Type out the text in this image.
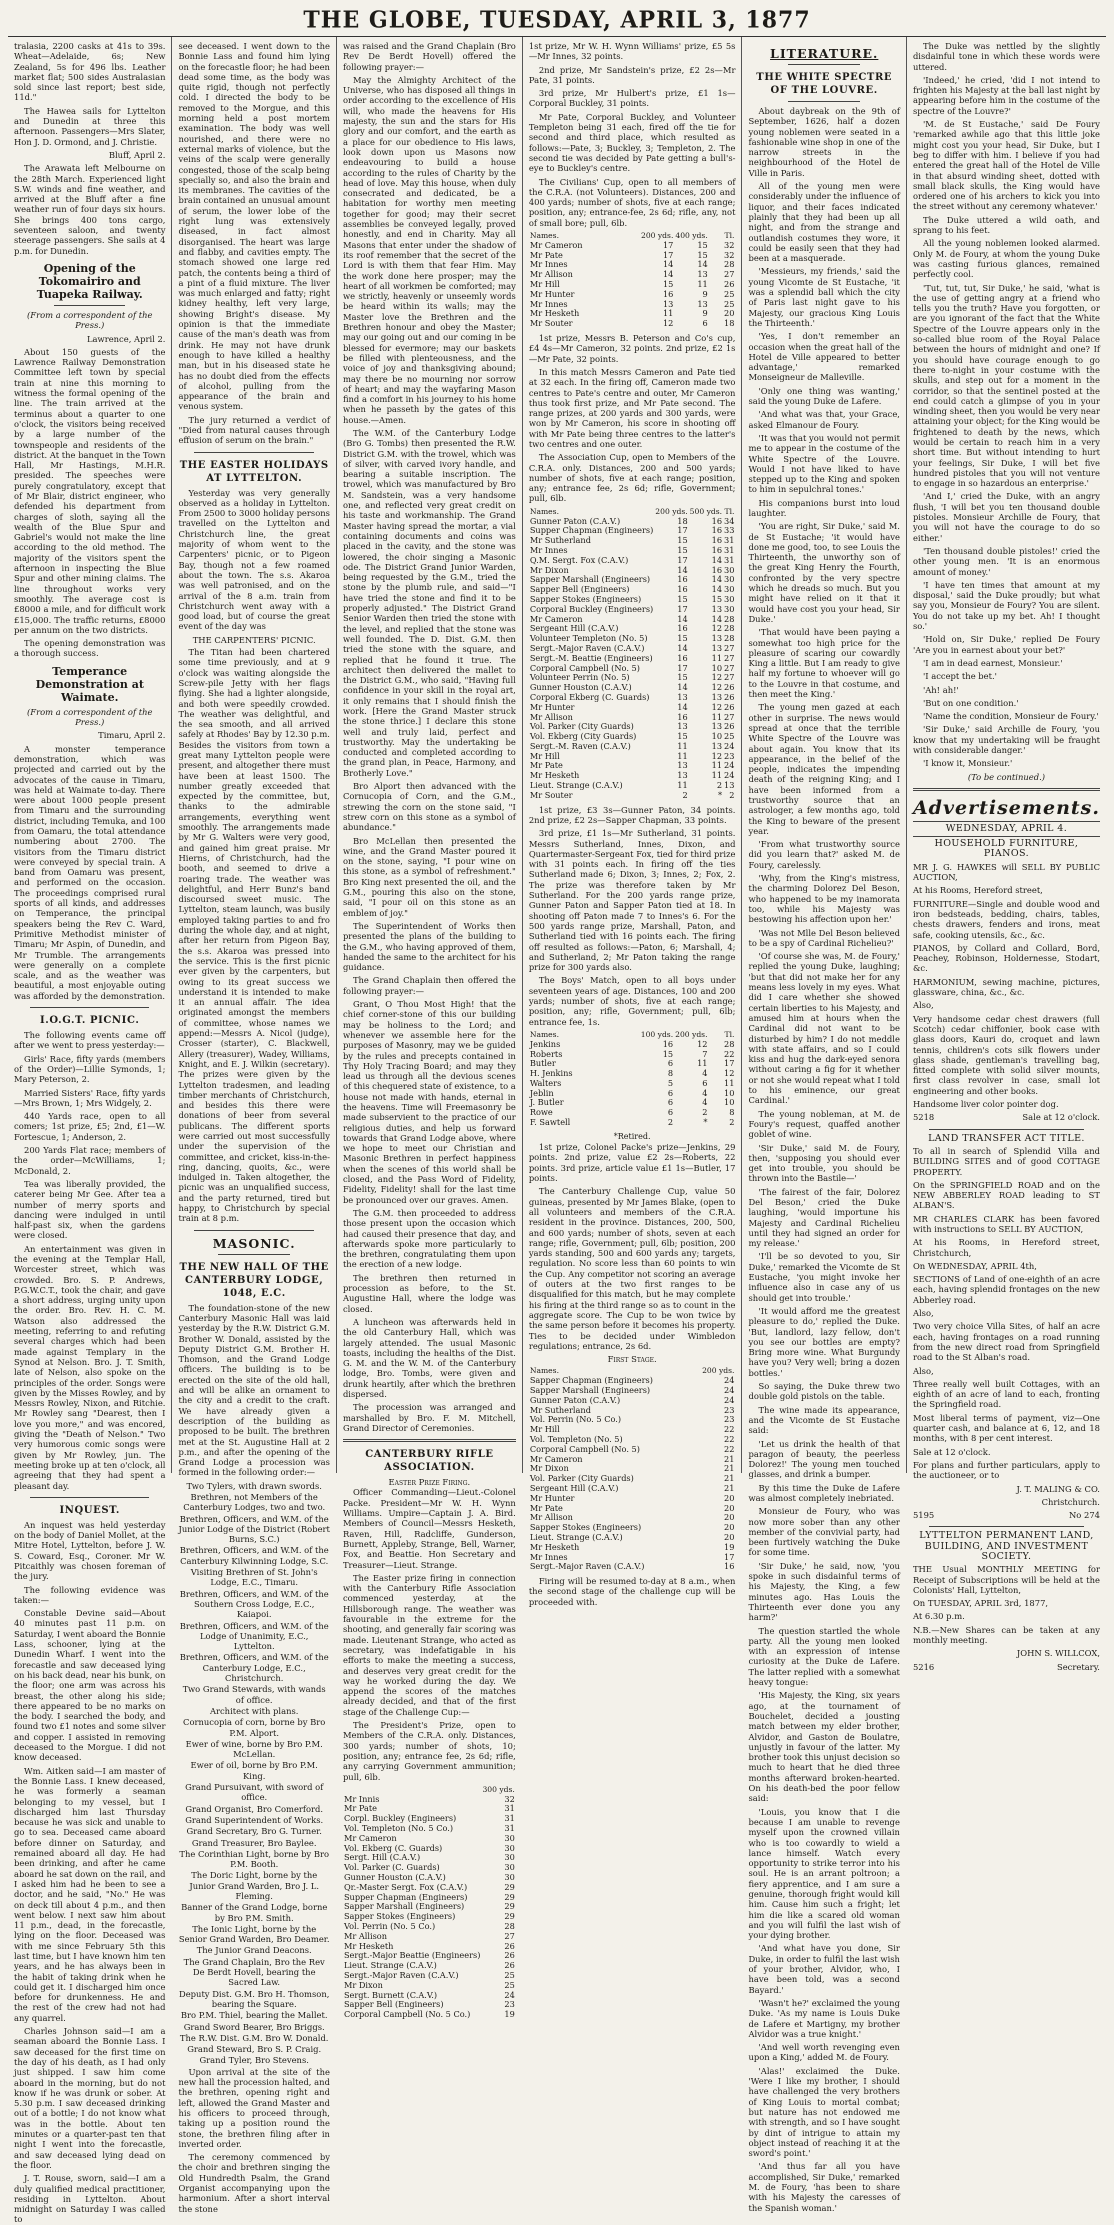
THE GLOBE, TUESDAY, APRIL 3, 1877

tralasia, 2200 casks at 41s to 39s. Wheat—Adelaide, 6s; New Zealand, 5s for 496 lbs. Leather market flat; 500 sides Australasian sold since last report; best side, 11d."

The Hawea sails for Lyttelton and Dunedin at three this afternoon. Passengers—Mrs Slater, Hon J. D. Ormond, and J. Christie.

Bluff, April 2.

The Arawata left Melbourne on the 28th March. Experienced light S.W. winds and fine weather, and arrived at the Bluff after a fine weather run of four days six hours. She brings 400 tons cargo, seventeen saloon, and twenty steerage passengers. She sails at 4 p.m. for Dunedin.

Opening of the Tokomairiro and Tuapeka Railway.
(From a correspondent of the Press.)

Lawrence, April 2.

About 150 guests of the Lawrence Railway Demonstration Committee left town by special train at nine this morning to witness the formal opening of the line. The train arrived at the terminus about a quarter to one o'clock, the visitors being received by a large number of the townspeople and residents of the district. At the banquet in the Town Hall, Mr Hastings, M.H.R. presided. The speeches were purely congratulatory, except that of Mr Blair, district engineer, who defended his department from charges of sloth, saying all the wealth of the Blue Spur and Gabriel's would not make the line according to the old method. The majority of the visitors spent the afternoon in inspecting the Blue Spur and other mining claims. The line throughout works very smoothly. The average cost is £8000 a mile, and for difficult work £15,000. The traffic returns, £8000 per annum on the two districts.

The opening demonstration was a thorough success.

Temperance Demonstration at Waimate.
(From a correspondent of the Press.)

Timaru, April 2.

A monster temperance demonstration, which was projected and carried out by the advocates of the cause in Timaru, was held at Waimate to-day. There were about 1000 people present from Timaru and the surrounding district, including Temuka, and 100 from Oamaru, the total attendance numbering about 2700. The visitors from the Timaru district were conveyed by special train. A band from Oamaru was present, and performed on the occasion. The proceedings comprised rural sports of all kinds, and addresses on Temperance, the principal speakers being the Rev C. Ward, Primitive Methodist minister of Timaru; Mr Aspin, of Dunedin, and Mr Trumble. The arrangements were generally on a complete scale, and as the weather was beautiful, a most enjoyable outing was afforded by the demonstration.

I.O.G.T. PICNIC.

The following events came off after we went to press yesterday:—

Girls' Race, fifty yards (members of the Order)—Lillie Symonds, 1; Mary Peterson, 2.

Married Sisters' Race, fifty yards—Mrs Brown, 1; Mrs Widgely, 2.

440 Yards race, open to all comers; 1st prize, £5; 2nd, £1—W. Fortescue, 1; Anderson, 2.

200 Yards Flat race; members of the order—McWilliams, 1; McDonald, 2.

Tea was liberally provided, the caterer being Mr Gee. After tea a number of merry sports and dancing were indulged in until half-past six, when the gardens were closed.

An entertainment was given in the evening at the Templar Hall, Worcester street, which was crowded. Bro. S. P. Andrews, P.G.W.C.T., took the chair, and gave a short address, urging unity upon the order. Bro. Rev. H. C. M. Watson also addressed the meeting, referring to and refuting several charges which had been made against Templary in the Synod at Nelson. Bro. J. T. Smith, late of Nelson, also spoke on the principles of the order. Songs were given by the Misses Rowley, and by Messrs Rowley, Nixon, and Ritchie. Mr Rowley sang "Dearest, then I love you more," and was encored, giving the "Death of Nelson." Two very humorous comic songs were given by Mr Rowley, jun. The meeting broke up at ten o'clock, all agreeing that they had spent a pleasant day.

INQUEST.

An inquest was held yesterday on the body of Daniel Mollet, at the Mitre Hotel, Lyttelton, before J. W. S. Coward, Esq., Coroner. Mr W. Pitcaithly was chosen foreman of the jury.

The following evidence was taken:—

Constable Devine said—About 40 minutes past 11 p.m. on Saturday, I went aboard the Bonnie Lass, schooner, lying at the Dunedin Wharf. I went into the forecastle and saw deceased lying on his back dead, near his bunk, on the floor; one arm was across his breast, the other along his side; there appeared to be no marks on the body. I searched the body, and found two £1 notes and some silver and copper. I assisted in removing deceased to the Morgue. I did not know deceased.

Wm. Aitken said—I am master of the Bonnie Lass. I knew deceased, he was formerly a seaman belonging to my vessel, but I discharged him last Thursday because he was sick and unable to go to sea. Deceased came aboard before dinner on Saturday, and remained aboard all day. He had been drinking, and after he came aboard he sat down on the rail, and I asked him had he been to see a doctor, and he said, "No." He was on deck till about 4 p.m., and then went below. I next saw him about 11 p.m., dead, in the forecastle, lying on the floor. Deceased was with me since February 5th this last time, but I have known him ten years, and he has always been in the habit of taking drink when he could get it. I discharged him once before for drunkenness. He and the rest of the crew had not had any quarrel.

Charles Johnson said—I am a seaman aboard the Bonnie Lass. I saw deceased for the first time on the day of his death, as I had only just shipped. I saw him come aboard in the morning, but do not know if he was drunk or sober. At 5.30 p.m. I saw deceased drinking out of a bottle; I do not know what was in the bottle. About ten minutes or a quarter-past ten that night I went into the forecastle, and saw deceased lying dead on the floor.

J. T. Rouse, sworn, said—I am a duly qualified medical practitioner, residing in Lyttelton. About midnight on Saturday I was called to

see deceased. I went down to the Bonnie Lass and found him lying on the forecastle floor; he had been dead some time, as the body was quite rigid, though not perfectly cold. I directed the body to be removed to the Morgue, and this morning held a post mortem examination. The body was well nourished, and there were no external marks of violence, but the veins of the scalp were generally congested, those of the scalp being specially so, and also the brain and its membranes. The cavities of the brain contained an unusual amount of serum, the lower lobe of the right lung was extensively diseased, in fact almost disorganised. The heart was large and flabby, and cavities empty. The stomach showed one large red patch, the contents being a third of a pint of a fluid mixture. The liver was much enlarged and fatty; right kidney healthy, left very large, showing Bright's disease. My opinion is that the immediate cause of the man's death was from drink. He may not have drunk enough to have killed a healthy man, but in his diseased state he has no doubt died from the effects of alcohol, pulling from the appearance of the brain and venous system.

The jury returned a verdict of "Died from natural causes through effusion of serum on the brain."

THE EASTER HOLIDAYS AT LYTTELTON.

Yesterday was very generally observed as a holiday in Lyttelton. From 2500 to 3000 holiday persons travelled on the Lyttelton and Christchurch line, the great majority of whom went to the Carpenters' picnic, or to Pigeon Bay, though not a few roamed about the town. The s.s. Akaroa was well patronised, and on the arrival of the 8 a.m. train from Christchurch went away with a good load, but of course the great event of the day was

THE CARPENTERS' PICNIC.

The Titan had been chartered some time previously, and at 9 o'clock was waiting alongside the Screw-pile Jetty with her flags flying. She had a lighter alongside, and both were speedily crowded. The weather was delightful, and the sea smooth, and all arrived safely at Rhodes' Bay by 12.30 p.m. Besides the visitors from town a great many Lyttelton people were present, and altogether there must have been at least 1500. The number greatly exceeded that expected by the committee, but, thanks to the admirable arrangements, everything went smoothly. The arrangements made by Mr G. Walters were very good, and gained him great praise. Mr Hierns, of Christchurch, had the booth, and seemed to drive a roaring trade. The weather was delightful, and Herr Bunz's band discoursed sweet music. The Lyttelton, steam launch, was busily employed taking parties to and fro during the whole day, and at night, after her return from Pigeon Bay, the s.s. Akaroa was pressed into the service. This is the first picnic ever given by the carpenters, but owing to its great success we understand it is intended to make it an annual affair. The idea originated amongst the members of committee, whose names we append:—Messrs A. Nicol (judge), Crosser (starter), C. Blackwell, Allery (treasurer), Wadey, Williams, Knight, and E. J. Wilkin (secretary). The prizes were given by the Lyttelton tradesmen, and leading timber merchants of Christchurch, and besides this there were donations of beer from several publicans. The different sports were carried out most successfully under the supervision of the committee, and cricket, kiss-in-the-ring, dancing, quoits, &c., were indulged in. Taken altogether, the picnic was an unqualified success, and the party returned, tired but happy, to Christchurch by special train at 8 p.m.

MASONIC.
THE NEW HALL OF THE CANTERBURY LODGE, 1048, E.C.

The foundation-stone of the new Canterbury Masonic Hall was laid yesterday by the R.W. District G.M. Brother W. Donald, assisted by the Deputy District G.M. Brother H. Thomson, and the Grand Lodge officers. The building is to be erected on the site of the old hall, and will be alike an ornament to the city and a credit to the craft. We have already given a description of the building as proposed to be built. The brethren met at the St. Augustine Hall at 2 p.m., and after the opening of the Grand Lodge a procession was formed in the following order:—

Two Tylers, with drawn swords.
Brethren, not Members of the Canterbury Lodges, two and two.
Brethren, Officers, and W.M. of the Junior Lodge of the District (Robert Burns, S.C.)
Brethren, Officers, and W.M. of the Canterbury Kilwinning Lodge, S.C.
Visiting Brethren of St. John's Lodge, E.C., Timaru.
Brethren, Officers, and W.M. of the Southern Cross Lodge, E.C., Kaiapoi.
Brethren, Officers, and W.M. of the Lodge of Unanimity, E.C., Lyttelton.
Brethren, Officers, and W.M. of the Canterbury Lodge, E.C., Christchurch.
Two Grand Stewards, with wands of office.
Architect with plans.
Cornucopia of corn, borne by Bro P.M. Alport.
Ewer of wine, borne by Bro P.M. McLellan.
Ewer of oil, borne by Bro P.M. King.
Grand Pursuivant, with sword of office.
Grand Organist, Bro Comerford.
Grand Superintendent of Works.
Grand Secretary, Bro G. Turner.
Grand Treasurer, Bro Baylee.
The Corinthian Light, borne by Bro P.M. Booth.
The Doric Light, borne by the Junior Grand Warden, Bro J. L. Fleming.
Banner of the Grand Lodge, borne by Bro P.M. Smith.
The Ionic Light, borne by the Senior Grand Warden, Bro Deamer.
The Junior Grand Deacons.
The Grand Chaplain, Bro the Rev De Berdt Hovell, bearing the Sacred Law.
Deputy Dist. G.M. Bro H. Thomson, bearing the Square.
Bro P.M. Thiel, bearing the Mallet.
Grand Sword Bearer, Bro Briggs.
The R.W. Dist. G.M. Bro W. Donald.
Grand Steward, Bro S. P. Craig.
Grand Tyler, Bro Stevens.

Upon arrival at the site of the new hall the procession halted, and the brethren, opening right and left, allowed the Grand Master and his officers to proceed through, taking up a position round the stone, the brethren filing after in inverted order.

The ceremony commenced by the choir and brethren singing the Old Hundredth Psalm, the Grand Organist accompanying upon the harmonium. After a short interval the stone

was raised and the Grand Chaplain (Bro Rev De Berdt Hovell) offered the following prayer:—

May the Almighty Architect of the Universe, who has disposed all things in order according to the excellence of His will, who made the heavens for His majesty, the sun and the stars for His glory and our comfort, and the earth as a place for our obedience to His laws, look down upon us Masons now endeavouring to build a house according to the rules of Charity by the head of love. May this house, when duly consecrated and dedicated, be a habitation for worthy men meeting together for good; may their secret assemblies be conveyed legally, proved honestly, and end in Charity. May all Masons that enter under the shadow of its roof remember that the secret of the Lord is with them that fear Him. May the work done here prosper; may the heart of all workmen be comforted; may we strictly, heavenly or unseemly words be heard within its walls; may the Master love the Brethren and the Brethren honour and obey the Master; may our going out and our coming in be blessed for evermore; may our baskets be filled with plenteousness, and the voice of joy and thanksgiving abound; may there be no mourning nor sorrow of heart; and may the wayfaring Mason find a comfort in his journey to his home when he passeth by the gates of this house.—Amen.

The W.M. of the Canterbury Lodge (Bro G. Tombs) then presented the R.W. District G.M. with the trowel, which was of silver, with carved ivory handle, and bearing a suitable inscription. The trowel, which was manufactured by Bro M. Sandstein, was a very handsome one, and reflected very great credit on his taste and workmanship. The Grand Master having spread the mortar, a vial containing documents and coins was placed in the cavity, and the stone was lowered, the choir singing a Masonic ode. The District Grand Junior Warden, being requested by the G.M., tried the stone by the plumb rule, and said—"I have tried the stone and find it to be properly adjusted." The District Grand Senior Warden then tried the stone with the level, and replied that the stone was well founded. The D. Dist. G.M. then tried the stone with the square, and replied that he found it true. The architect then delivered the mallet to the District G.M., who said, "Having full confidence in your skill in the royal art, it only remains that I should finish the work. [Here the Grand Master struck the stone thrice.] I declare this stone well and truly laid, perfect and trustworthy. May the undertaking be conducted and completed according to the grand plan, in Peace, Harmony, and Brotherly Love."

Bro Alport then advanced with the Cornucopia of Corn, and the G.M., strewing the corn on the stone said, "I strew corn on this stone as a symbol of abundance."

Bro McLellan then presented the wine, and the Grand Master poured it on the stone, saying, "I pour wine on this stone, as a symbol of refreshment." Bro King next presented the oil, and the G.M., pouring this also on the stone, said, "I pour oil on this stone as an emblem of joy."

The Superintendent of Works then presented the plans of the building to the G.M., who having approved of them, handed the same to the architect for his guidance.

The Grand Chaplain then offered the following prayer:—

Grant, O Thou Most High! that the chief corner-stone of this our building may be holiness to the Lord; and whenever we assemble here for the purposes of Masonry, may we be guided by the rules and precepts contained in Thy Holy Tracing Board; and may they lead us through all the devious scenes of this chequered state of existence, to a house not made with hands, eternal in the heavens. Time will Freemasonry be made subservient to the practice of our religious duties, and help us forward towards that Grand Lodge above, where we hope to meet our Christian and Masonic Brethren in perfect happiness when the scenes of this world shall be closed, and the Pass Word of Fidelity, Fidelity, Fidelity! shall for the last time be pronounced over our graves. Amen.

The G.M. then proceeded to address those present upon the occasion which had caused their presence that day, and afterwards spoke more particularly to the brethren, congratulating them upon the erection of a new lodge.

The brethren then returned in procession as before, to the St. Augustine Hall, where the lodge was closed.

A luncheon was afterwards held in the old Canterbury Hall, which was largely attended. The usual Masonic toasts, including the healths of the Dist. G. M. and the W. M. of the Canterbury lodge, Bro. Tombs, were given and drunk heartily, after which the brethren dispersed.

The procession was arranged and marshalled by Bro. F. M. Mitchell, Grand Director of Ceremonies.

CANTERBURY RIFLE ASSOCIATION.
Easter Prize Firing.

Officer Commanding—Lieut.-Colonel Packe. President—Mr W. H. Wynn Williams. Umpire—Captain J. A. Bird. Members of Council—Messrs Hesketh, Raven, Hill, Radcliffe, Gunderson, Burnett, Appleby, Strange, Bell, Warner, Fox, and Beattie. Hon Secretary and Treasurer—Lieut. Strange.

The Easter prize firing in connection with the Canterbury Rifle Association commenced yesterday, at the Hillsborough range. The weather was favourable in the extreme for the shooting, and generally fair scoring was made. Lieutenant Strange, who acted as secretary, was indefatigable in his efforts to make the meeting a success, and deserves very great credit for the way he worked during the day. We append the scores of the matches already decided, and that of the first stage of the Challenge Cup:—

The President's Prize, open to Members of the C.R.A. only. Distances, 300 yards; number of shots, 10; position, any; entrance fee, 2s 6d; rifle, any carrying Government ammunition; pull, 6lb.

	300 yds.
Mr Innis	32
Mr Pate	31
Corpl. Buckley (Engineers)	31
Vol. Templeton (No. 5 Co.)	31
Mr Cameron	30
Vol. Ekberg (C. Guards)	30
Sergt. Hill (C.A.V.)	30
Vol. Parker (C. Guards)	30
Gunner Houston (C.A.V.)	30
Qr.-Master Sergt. Fox (C.A.V.)	29
Supper Chapman (Engineers)	29
Sapper Marshall (Engineers)	29
Sapper Stokes (Engineers)	29
Vol. Perrin (No. 5 Co.)	28
Mr Allison	27
Mr Hesketh	26
Sergt.-Major Beattie (Engineers)	26
Lieut. Strange (C.A.V.)	26
Sergt.-Major Raven (C.A.V.)	25
Mr Dixon	25
Sergt. Burnett (C.A.V.)	24
Sapper Bell (Engineers)	23
Corporal Campbell (No. 5 Co.)	19

1st prize, Mr W. H. Wynn Williams' prize, £5 5s—Mr Innes, 32 points.

2nd prize, Mr Sandstein's prize, £2 2s—Mr Pate, 31 points.

3rd prize, Mr Hulbert's prize, £1 1s—Corporal Buckley, 31 points.

Mr Pate, Corporal Buckley, and Volunteer Templeton being 31 each, fired off the tie for second and third place, which resulted as follows:—Pate, 3; Buckley, 3; Templeton, 2. The second tie was decided by Pate getting a bull's-eye to Buckley's centre.

The Civilians' Cup, open to all members of the C.R.A. (not Volunteers). Distances, 200 and 400 yards; number of shots, five at each range; position, any; entrance-fee, 2s 6d; rifle, any, not of small bore; pull, 6lb.

Names.	200 yds.	400 yds.	Tl.
Mr Cameron	17	15	32
Mr Pate	17	15	32
Mr Innes	14	14	28
Mr Allison	14	13	27
Mr Hill	15	11	26
Mr Hunter	16	9	25
Mr Innes	13	13	25
Mr Hesketh	11	9	20
Mr Souter	12	6	18

1st prize, Messrs B. Peterson and Co's cup, £4 4s—Mr Cameron, 32 points. 2nd prize, £2 1s—Mr Pate, 32 points.

In this match Messrs Cameron and Pate tied at 32 each. In the firing off, Cameron made two centres to Pate's centre and outer, Mr Cameron thus took first prize, and Mr Pate second. The range prizes, at 200 yards and 300 yards, were won by Mr Cameron, his score in shooting off with Mr Pate being three centres to the latter's two centres and one outer.

The Association Cup, open to Members of the C.R.A. only. Distances, 200 and 500 yards; number of shots, five at each range; position, any; entrance fee, 2s 6d; rifle, Government; pull, 6lb.

Names.	200 yds.	500 yds.	Tl.
Gunner Paton (C.A.V.)	18	16	34
Supper Chapman (Engineers)	17	16	33
Mr Sutherland	15	16	31
Mr Innes	15	16	31
Q.M. Sergt. Fox (C.A.V.)	17	14	31
Mr Dixon	14	16	30
Sapper Marshall (Engineers)	16	14	30
Sapper Bell (Engineers)	16	14	30
Sapper Stokes (Engineers)	15	15	30
Corporal Buckley (Engineers)	17	13	30
Mr Cameron	14	14	28
Sergeant Hill (C.A.V.)	16	12	28
Volunteer Templeton (No. 5)	15	13	28
Sergt.-Major Raven (C.A.V.)	14	13	27
Sergt.-M. Beattie (Engineers)	16	11	27
Corporal Campbell (No. 5)	17	10	27
Volunteer Perrin (No. 5)	15	12	27
Gunner Houston (C.A.V.)	14	12	26
Corporal Ekberg (C. Guards)	13	13	26
Mr Hunter	14	12	26
Mr Allison	16	11	27
Vol. Parker (City Guards)	13	13	26
Vol. Ekberg (City Guards)	15	10	25
Sergt.-M. Raven (C.A.V.)	11	13	24
Mr Hill	11	12	23
Mr Pate	13	11	24
Mr Hesketh	13	11	24
Lieut. Strange (C.A.V.)	11	2	13
Mr Souter	2	*	2

1st prize, £3 3s—Gunner Paton, 34 points. 2nd prize, £2 2s—Sapper Chapman, 33 points.

3rd prize, £1 1s—Mr Sutherland, 31 points. Messrs Sutherland, Innes, Dixon, and Quartermaster-Sergeant Fox, tied for third prize with 31 points each. In firing off the ties Sutherland made 6; Dixon, 3; Innes, 2; Fox, 2. The prize was therefore taken by Mr Sutherland. For the 200 yards range prize, Gunner Paton and Sapper Paton tied at 18. In shooting off Paton made 7 to Innes's 6. For the 500 yards range prize, Marshall, Paton, and Sutherland tied with 16 points each. The firing off resulted as follows:—Paton, 6; Marshall, 4; and Sutherland, 2; Mr Paton taking the range prize for 300 yards also.

The Boys' Match, open to all boys under seventeen years of age. Distances, 100 and 200 yards; number of shots, five at each range; position, any; rifle, Government; pull, 6lb; entrance fee, 1s.

Names.	100 yds.	200 yds.	Tl.
Jenkins	16	12	28
Roberts	15	7	22
Butler	6	11	17
H. Jenkins	8	4	12
Walters	5	6	11
Jeblin	6	4	10
J. Butler	6	4	10
Rowe	6	2	8
F. Sawtell	2	*	2
*Retired.

1st prize, Colonel Packe's prize—Jenkins, 29 points. 2nd prize, value £2 2s—Roberts, 22 points. 3rd prize, article value £1 1s—Butler, 17 points.

The Canterbury Challenge Cup, value 50 guineas, presented by Mr James Blake, (open to all volunteers and members of the C.R.A. resident in the province. Distances, 200, 500, and 600 yards; number of shots, seven at each range; rifle, Government; pull, 6lb; position, 200 yards standing, 500 and 600 yards any; targets, regulation. No score less than 60 points to win the Cup. Any competitor not scoring an average of outers at the two first ranges to be disqualified for this match, but he may complete his firing at the third range so as to count in the aggregate score. The Cup to be won twice by the same person before it becomes his property. Ties to be decided under Wimbledon regulations; entrance, 2s 6d.

First Stage.
Names.	200 yds.
Sapper Chapman (Engineers)	24
Sapper Marshall (Engineers)	24
Gunner Paton (C.A.V.)	24
Mr Sutherland	23
Vol. Perrin (No. 5 Co.)	23
Mr Hill	22
Vol. Templeton (No. 5)	22
Corporal Campbell (No. 5)	22
Mr Cameron	21
Mr Dixon	21
Vol. Parker (City Guards)	21
Sergeant Hill (C.A.V.)	21
Mr Hunter	20
Mr Pate	20
Mr Allison	20
Sapper Stokes (Engineers)	20
Lieut. Strange (C.A.V.)	20
Mr Hesketh	19
Mr Innes	17
Sergt.-Major Raven (C.A.V.)	16

Firing will be resumed to-day at 8 a.m., when the second stage of the challenge cup will be proceeded with.

LITERATURE.
THE WHITE SPECTRE OF THE LOUVRE.

About daybreak on the 9th of September, 1626, half a dozen young noblemen were seated in a fashionable wine shop in one of the narrow streets in the neighbourhood of the Hotel de Ville in Paris.

All of the young men were considerably under the influence of liquor, and their faces indicated plainly that they had been up all night, and from the strange and outlandish costumes they wore, it could be easily seen that they had been at a masquerade.

'Messieurs, my friends,' said the young Vicomte de St Eustache, 'it was a splendid ball which the city of Paris last night gave to his Majesty, our gracious King Louis the Thirteenth.'

'Yes, I don't remember an occasion when the great hall of the Hotel de Ville appeared to better advantage,' remarked Monseigneur de Malleville.

'Only one thing was wanting,' said the young Duke de Lafere.

'And what was that, your Grace, asked Elmanour de Foury.

'It was that you would not permit me to appear in the costume of the White Spectre of the Louvre. Would I not have liked to have stepped up to the King and spoken to him in sepulchral tones.'

His companions burst into loud laughter.

'You are right, Sir Duke,' said M. de St Eustache; 'it would have done me good, too, to see Louis the Thirteenth, the unworthy son of the great King Henry the Fourth, confronted by the very spectre which he dreads so much. But you might have relied on it that it would have cost you your head, Sir Duke.'

'That would have been paying a somewhat too high price for the pleasure of scaring our cowardly King a little. But I am ready to give half my fortune to whoever will go to the Louvre in that costume, and then meet the King.'

The young men gazed at each other in surprise. The news would spread at once that the terrible White Spectre of the Louvre was about again. You know that its appearance, in the belief of the people, indicates the impending death of the reigning King; and I have been informed from a trustworthy source that an astrologer, a few months ago, told the King to beware of the present year.

'From what trustworthy source did you learn that?' asked M. de Foury, carelessly.

'Why, from the King's mistress, the charming Dolorez Del Beson, who happened to be my inamorata too, while his Majesty was bestowing his affection upon her.'

'Was not Mlle Del Beson believed to be a spy of Cardinal Richelieu?'

'Of course she was, M. de Foury,' replied the young Duke, laughing; 'but that did not make her for any means less lovely in my eyes. What did I care whether she showed certain liberties to his Majesty, and amused him at hours when the Cardinal did not want to be disturbed by him? I do not meddle with state affairs, and so I could kiss and hug the dark-eyed senora without caring a fig for it whether or not she would repeat what I told to his eminence, our great Cardinal.'

The young nobleman, at M. de Foury's request, quaffed another goblet of wine.

'Sir Duke,' said M. de Foury, then, 'supposing you should ever get into trouble, you should be thrown into the Bastile—'

'The fairest of the fair, Dolorez Del Beson,' cried the Duke laughing, 'would importune his Majesty and Cardinal Richelieu until they had signed an order for my release.'

'I'll be so devoted to you, Sir Duke,' remarked the Vicomte de St Eustache, 'you might invoke her influence also in case any of us should get into trouble.'

'It would afford me the greatest pleasure to do,' replied the Duke. 'But, landlord, lazy fellow, don't you see our bottles are empty? Bring more wine. What Burgundy have you? Very well; bring a dozen bottles.'

So saying, the Duke threw two double gold pistols on the table.

The wine made its appearance, and the Vicomte de St Eustache said:

'Let us drink the health of that paragon of beauty, the peerless Dolorez!' The young men touched glasses, and drink a bumper.

By this time the Duke de Lafere was almost completely inebriated.

Monsieur de Foury, who was now more sober than any other member of the convivial party, had been furtively watching the Duke for some time.

'Sir Duke,' he said, now, 'you spoke in such disdainful terms of his Majesty, the King, a few minutes ago. Has Louis the Thirteenth ever done you any harm?'

The question startled the whole party. All the young men looked with an expression of intense curiosity at the Duke de Lafere. The latter replied with a somewhat heavy tongue:

'His Majesty, the King, six years ago, at the tournament of Bouchelet, decided a jousting match between my elder brother, Alvidor, and Gaston de Boulatre, unjustly in favour of the latter. My brother took this unjust decision so much to heart that he died three months afterward broken-hearted. On his death-bed the poor fellow said:

'Louis, you know that I die because I am unable to revenge myself upon the crowned villain who is too cowardly to wield a lance himself. Watch every opportunity to strike terror into his soul. He is an arrant poltroon; a fiery apprentice, and I am sure a genuine, thorough fright would kill him. Cause him such a fright; let him die like a scared old woman and you will fulfil the last wish of your dying brother.

'And what have you done, Sir Duke, in order to fulfil the last wish of your brother, Alvidor, who, I have been told, was a second Bayard.'

'Wasn't he?' exclaimed the young Duke. 'As my name is Louis Duke de Lafere et Martigny, my brother Alvidor was a true knight.'

'And well worth revenging even upon a King,' added M. de Foury.

'Alas!' exclaimed the Duke. 'Were I like my brother, I should have challenged the very brothers of King Louis to mortal combat; but nature has not endowed me with strength, and so I have sought by dint of intrigue to attain my object instead of reaching it at the sword's point.'

'And thus far all you have accomplished, Sir Duke,' remarked M. de Foury, 'has been to share with his Majesty the caresses of the Spanish woman.'

The Duke was nettled by the slightly disdainful tone in which these words were uttered.

'Indeed,' he cried, 'did I not intend to frighten his Majesty at the ball last night by appearing before him in the costume of the spectre of the Louvre?'

'M. de St Eustache,' said De Foury 'remarked awhile ago that this little joke might cost you your head, Sir Duke, but I beg to differ with him. I believe if you had entered the great hall of the Hotel de Ville in that absurd winding sheet, dotted with small black skulls, the King would have ordered one of his archers to kick you into the street without any ceremony whatever.'

The Duke uttered a wild oath, and sprang to his feet.

All the young noblemen looked alarmed. Only M. de Foury, at whom the young Duke was casting furious glances, remained perfectly cool.

'Tut, tut, tut, Sir Duke,' he said, 'what is the use of getting angry at a friend who tells you the truth? Have you forgotten, or are you ignorant of the fact that the White Spectre of the Louvre appears only in the so-called blue room of the Royal Palace between the hours of midnight and one? If you should have courage enough to go there to-night in your costume with the skulls, and step out for a moment in the corridor, so that the sentinel posted at the end could catch a glimpse of you in your winding sheet, then you would be very near attaining your object; for the King would be frightened to death by the news, which would be certain to reach him in a very short time. But without intending to hurt your feelings, Sir Duke, I will bet five hundred pistoles that you will not venture to engage in so hazardous an enterprise.'

'And I,' cried the Duke, with an angry flush, 'I will bet you ten thousand double pistoles. Monsieur Archille de Foury, that you will not have the courage to do so either.'

'Ten thousand double pistoles!' cried the other young men. 'It is an enormous amount of money.'

'I have ten times that amount at my disposal,' said the Duke proudly; but what say you, Monsieur de Foury? You are silent. You do not take up my bet. Ah! I thought so.'

'Hold on, Sir Duke,' replied De Foury 'Are you in earnest about your bet?'

'I am in dead earnest, Monsieur.'

'I accept the bet.'

'Ah! ah!'

'But on one condition.'

'Name the condition, Monsieur de Foury.'

'Sir Duke,' said Archille de Foury, 'you know that my undertaking will be fraught with considerable danger.'

'I know it, Monsieur.'

(To be continued.)
Advertisements.
WEDNESDAY, APRIL 4.
HOUSEHOLD FURNITURE, PIANOS.

MR J. G. HAWKES will SELL BY PUBLIC AUCTION,

At his Rooms, Hereford street,

FURNITURE—Single and double wood and iron bedsteads, bedding, chairs, tables, chests drawers, fenders and irons, meat safe, cooking utensils, &c., &c.

PIANOS, by Collard and Collard, Bord, Peachey, Robinson, Holdernesse, Stodart, &c.

HARMONIUM, sewing machine, pictures, glassware, china, &c., &c.

Also,

Very handsome cedar chest drawers (full Scotch) cedar chiffonier, book case with glass doors, Kauri do, croquet and lawn tennis, children's cots silk flowers under glass shade, gentleman's travelling bag, fitted complete with solid silver mounts, first class revolver in case, small lot engineering and other books.

Handsome liver color pointer dog.

5218	Sale at 12 o'clock.
LAND TRANSFER ACT TITLE.

To all in search of Splendid Villa and BUILDING SITES and of good COTTAGE PROPERTY.

On the SPRINGFIELD ROAD and on the NEW ABBERLEY ROAD leading to ST ALBAN'S.

MR CHARLES CLARK has been favored with instructions to SELL BY AUCTION,

At his Rooms, in Hereford street, Christchurch,

On WEDNESDAY, APRIL 4th,

SECTIONS of Land of one-eighth of an acre each, having splendid frontages on the new Abberley road.

Also,

Two very choice Villa Sites, of half an acre each, having frontages on a road running from the new direct road from Springfield road to the St Alban's road.

Also,

Three really well built Cottages, with an eighth of an acre of land to each, fronting the Springfield road.

Most liberal terms of payment, viz—One quarter cash, and balance at 6, 12, and 18 months, with 8 per cent interest.

Sale at 12 o'clock.

For plans and further particulars, apply to the auctioneer, or to

J. T. MALING & CO.

Christchurch.

5195	No 274
LYTTELTON PERMANENT LAND, BUILDING, AND INVESTMENT SOCIETY.

THE Usual MONTHLY MEETING for Receipt of Subscriptions will be held at the Colonists' Hall, Lyttelton,

On TUESDAY, APRIL 3rd, 1877,

At 6.30 p.m.

N.B.—New Shares can be taken at any monthly meeting.

JOHN S. WILLCOX,

5216	Secretary.
